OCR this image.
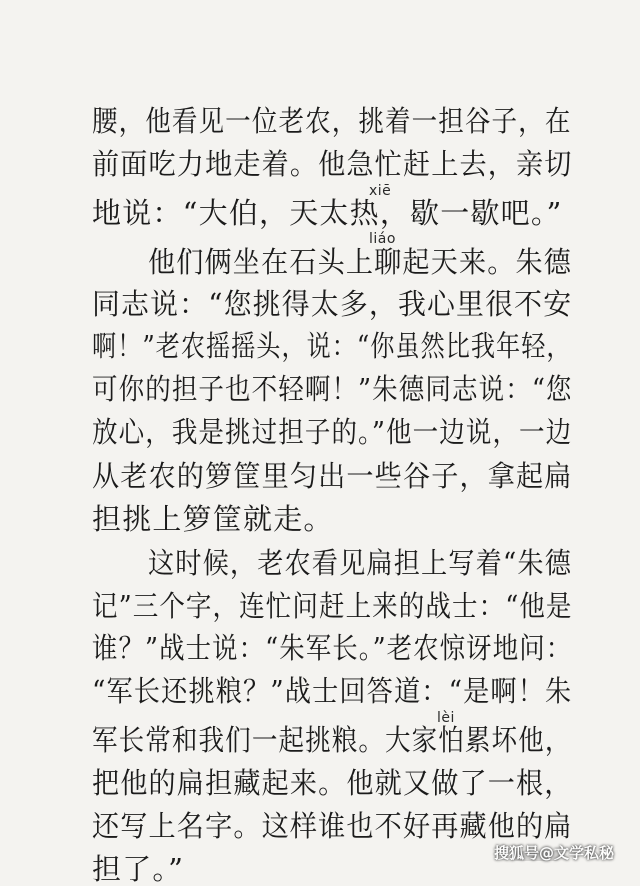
腰，他看见一位老农，挑着一担谷子，在
前面吃力地走着。他急忙赶上去，亲切
xiē
地说：“大伯，天太热，歇一歇吧。”
liáo
他们俩坐在石头上聊起天来。朱德
同志说：“您挑得太多，我心里很不安
啊！”老农摇摇头，说：“你虽然比我年轻，
可你的担子也不轻啊！”朱德同志说：“您
放心，我是挑过担子的。”他一边说，一边
从老农的箩筐里匀出一些谷子，拿起扁
担挑上箩筐就走。
这时候，老农看见扁担上写着“朱德
记”三个字，连忙问赶上来的战士：“他是
谁？”战士说：“朱军长。”老农惊讶地问：
“军长还挑粮？”战士回答道：“是啊！朱
lèi
军长常和我们一起挑粮。大家怕累坏他，
把他的扁担藏起来。他就又做了一根，
还写上名字。这样谁也不好再藏他的扁
担了。”	搜狐号@文学私秘
